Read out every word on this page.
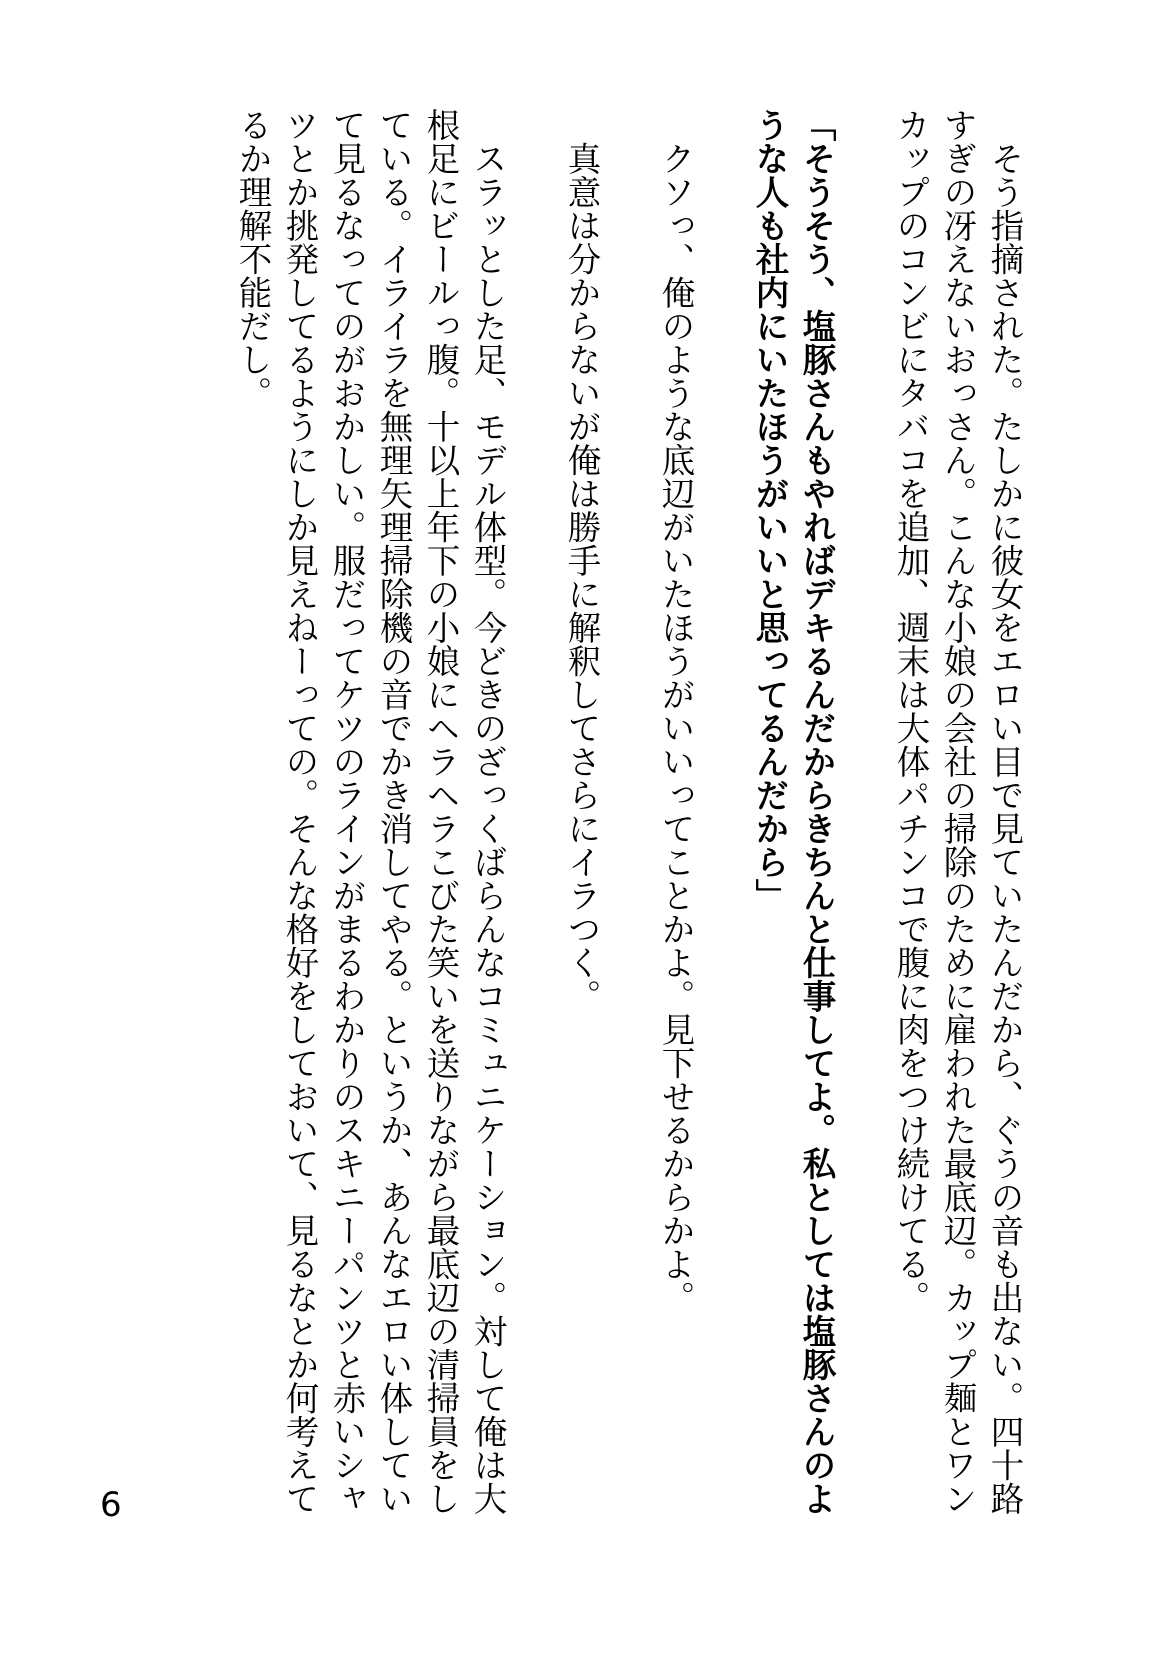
　そう指摘された。たしかに彼女をエロい目で見ていたんだから、ぐうの音も出ない。四十路すぎの冴えないおっさん。こんな小娘の会社の掃除のために雇われた最底辺。カップ麺とワンカップのコンビにタバコを追加、週末は大体パチンコで腹に肉をつけ続けてる。

「そうそう、塩豚さんもやればデキるんだからきちんと仕事してよ。私としては塩豚さんのような人も社内にいたほうがいいと思ってるんだから」

　クソっ、俺のような底辺がいたほうがいいってことかよ。見下せるからかよ。

　真意は分からないが俺は勝手に解釈してさらにイラつく。

　スラッとした足、モデル体型。今どきのざっくばらんなコミュニケーション。対して俺は大根足にビールっ腹。十以上年下の小娘にヘラヘラこびた笑いを送りながら最底辺の清掃員をしている。イライラを無理矢理掃除機の音でかき消してやる。というか、あんなエロい体していて見るなってのがおかしい。服だってケツのラインがまるわかりのスキニーパンツと赤いシャツとか挑発してるようにしか見えねーっての。そんな格好をしておいて、見るなとか何考えてるか理解不能だし。

6
